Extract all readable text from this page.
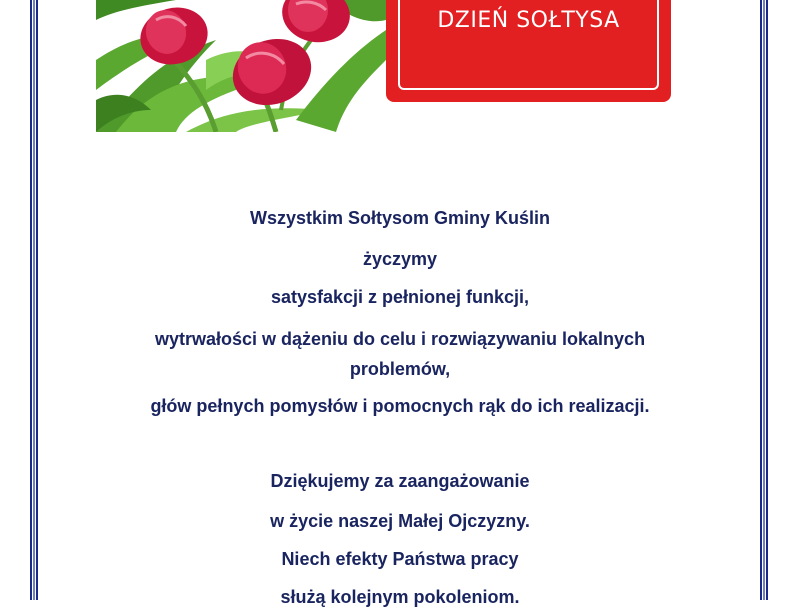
DZIEŃ SOŁTYSA
Wszystkim Sołtysom Gminy Kuślin
życzymy
satysfakcji z pełnionej funkcji,
wytrwałości w dążeniu do celu i rozwiązywaniu lokalnych problemów,
głów pełnych pomysłów i pomocnych rąk do ich realizacji.
Dziękujemy za zaangażowanie
w życie naszej Małej Ojczyzny.
Niech efekty Państwa pracy
służą kolejnym pokoleniom.
